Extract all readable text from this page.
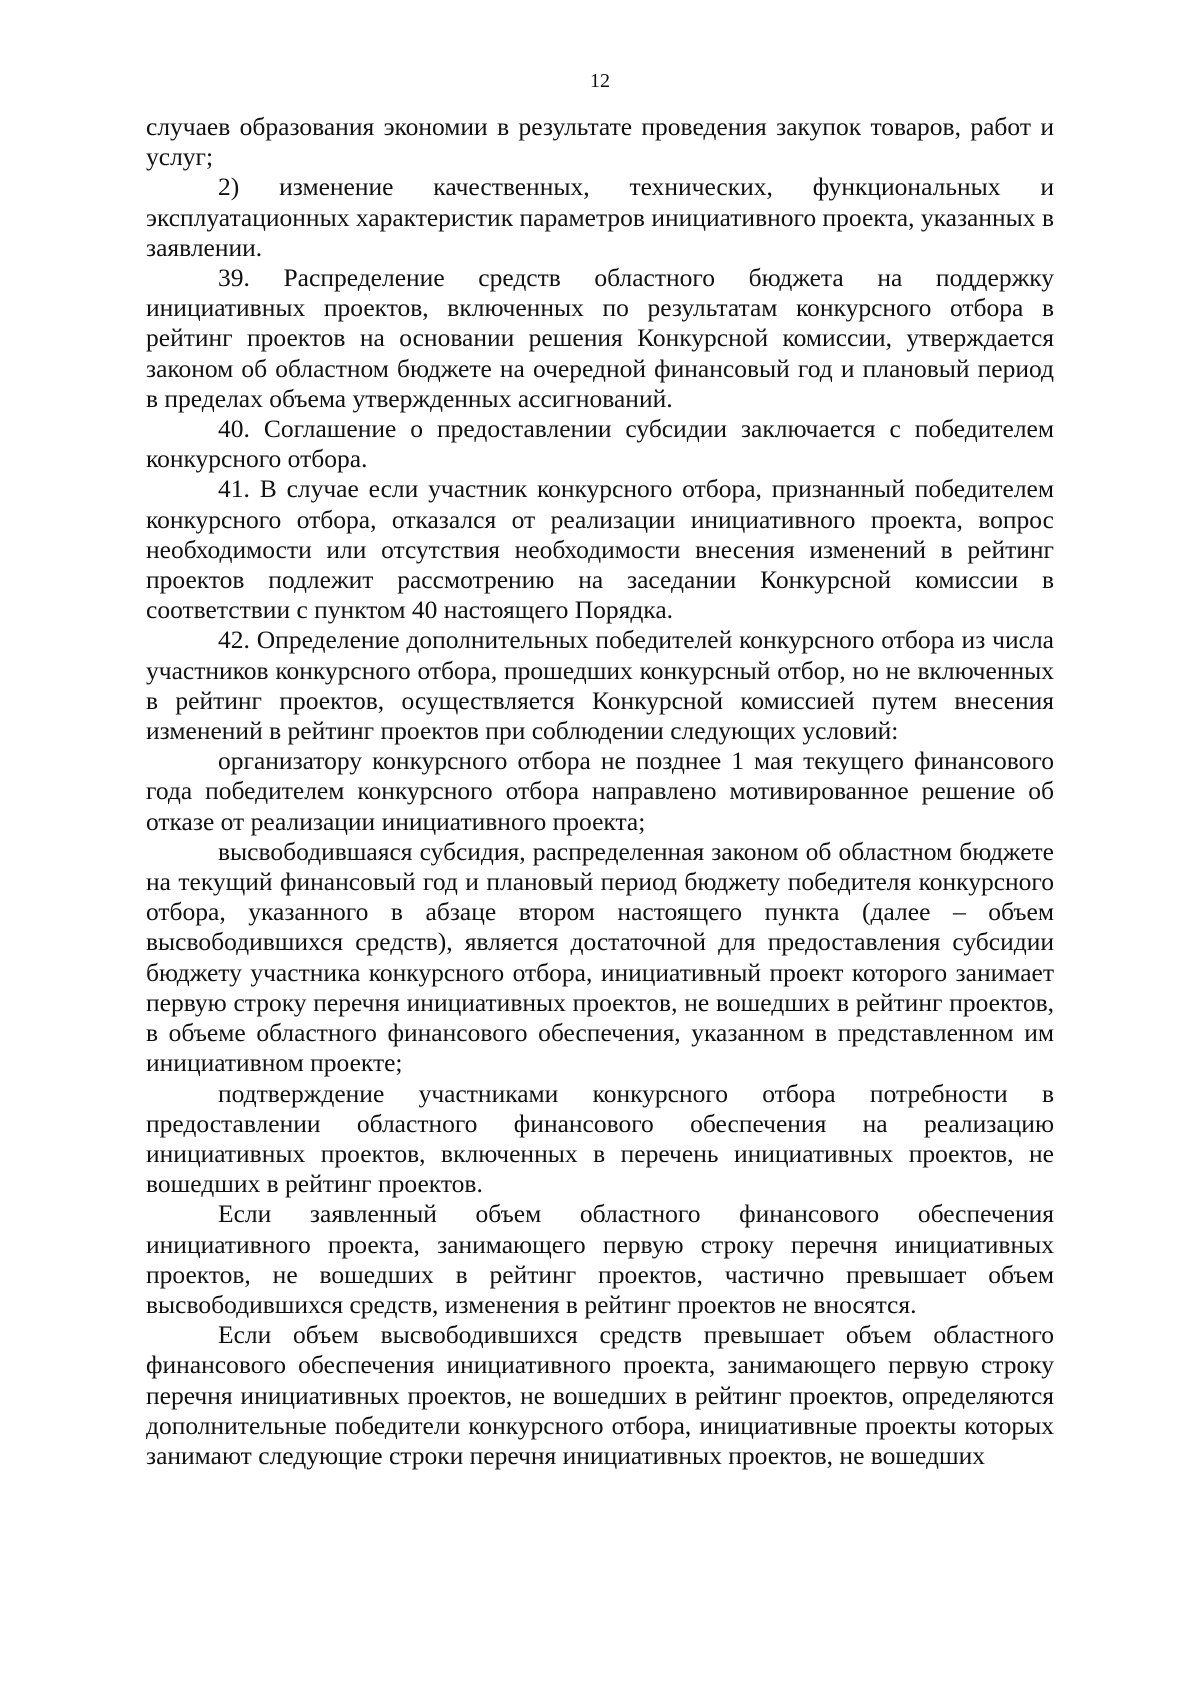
12

случаев образования экономии в результате проведения закупок товаров, работ и услуг;

2) изменение качественных, технических, функциональных и эксплуатационных характеристик параметров инициативного проекта, указанных в заявлении.

39. Распределение средств областного бюджета на поддержку инициативных проектов, включенных по результатам конкурсного отбора в рейтинг проектов на основании решения Конкурсной комиссии, утверждается законом об областном бюджете на очередной финансовый год и плановый период в пределах объема утвержденных ассигнований.

40. Соглашение о предоставлении субсидии заключается с победителем конкурсного отбора.

41. В случае если участник конкурсного отбора, признанный победителем конкурсного отбора, отказался от реализации инициативного проекта, вопрос необходимости или отсутствия необходимости внесения изменений в рейтинг проектов подлежит рассмотрению на заседании Конкурсной комиссии в соответствии с пунктом 40 настоящего Порядка.

42. Определение дополнительных победителей конкурсного отбора из числа участников конкурсного отбора, прошедших конкурсный отбор, но не включенных в рейтинг проектов, осуществляется Конкурсной комиссией путем внесения изменений в рейтинг проектов при соблюдении следующих условий:

организатору конкурсного отбора не позднее 1 мая текущего финансового года победителем конкурсного отбора направлено мотивированное решение об отказе от реализации инициативного проекта;

высвободившаяся субсидия, распределенная законом об областном бюджете на текущий финансовый год и плановый период бюджету победителя конкурсного отбора, указанного в абзаце втором настоящего пункта (далее – объем высвободившихся средств), является достаточной для предоставления субсидии бюджету участника конкурсного отбора, инициативный проект которого занимает первую строку перечня инициативных проектов, не вошедших в рейтинг проектов, в объеме областного финансового обеспечения, указанном в представленном им инициативном проекте;

подтверждение участниками конкурсного отбора потребности в предоставлении областного финансового обеспечения на реализацию инициативных проектов, включенных в перечень инициативных проектов, не вошедших в рейтинг проектов.

Если заявленный объем областного финансового обеспечения инициативного проекта, занимающего первую строку перечня инициативных проектов, не вошедших в рейтинг проектов, частично превышает объем высвободившихся средств, изменения в рейтинг проектов не вносятся.

Если объем высвободившихся средств превышает объем областного финансового обеспечения инициативного проекта, занимающего первую строку перечня инициативных проектов, не вошедших в рейтинг проектов, определяются дополнительные победители конкурсного отбора, инициативные проекты которых занимают следующие строки перечня инициативных проектов, не вошедших
